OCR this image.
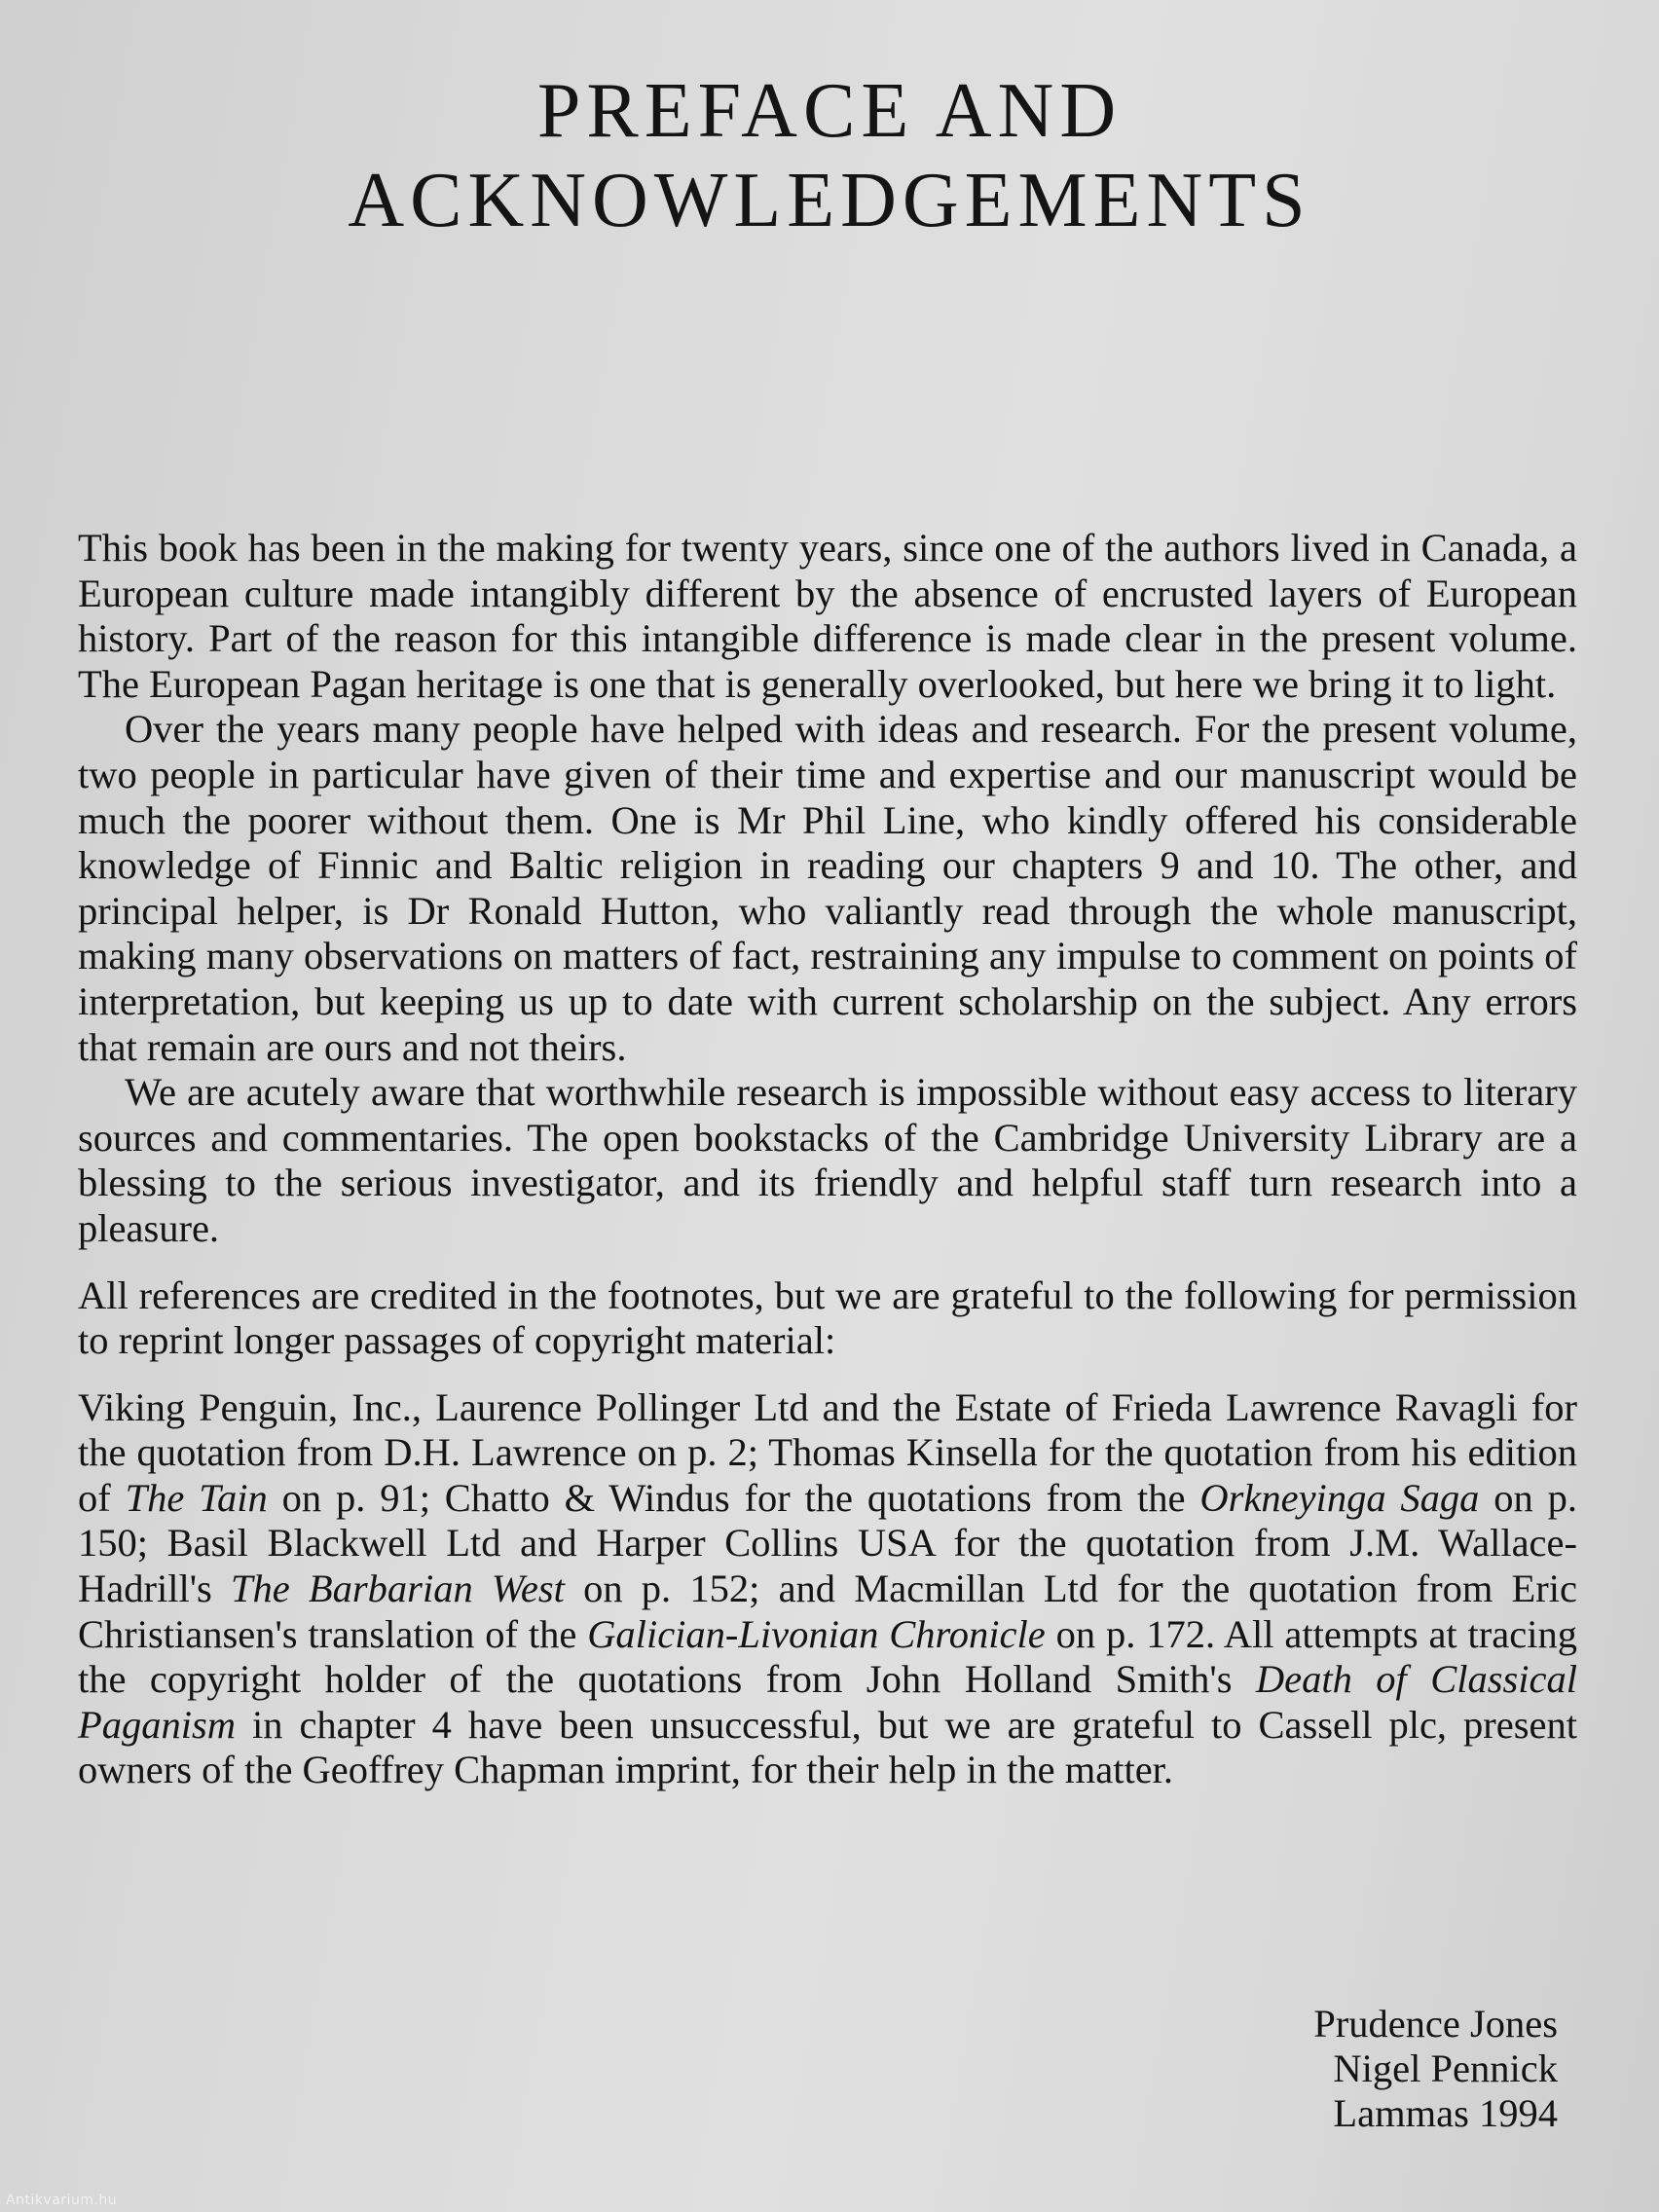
PREFACE AND
ACKNOWLEDGEMENTS

This book has been in the making for twenty years, since one of the authors lived in Canada, a European culture made intangibly different by the absence of encrusted layers of European history. Part of the reason for this intangible difference is made clear in the present volume. The European Pagan heritage is one that is generally overlooked, but here we bring it to light.

Over the years many people have helped with ideas and research. For the present volume, two people in particular have given of their time and expertise and our manuscript would be much the poorer without them. One is Mr Phil Line, who kindly offered his considerable knowledge of Finnic and Baltic religion in reading our chapters 9 and 10. The other, and principal helper, is Dr Ronald Hutton, who valiantly read through the whole manuscript, making many observations on matters of fact, restraining any impulse to comment on points of interpretation, but keeping us up to date with current scholarship on the subject. Any errors that remain are ours and not theirs.

We are acutely aware that worthwhile research is impossible without easy access to literary sources and commentaries. The open bookstacks of the Cambridge University Library are a blessing to the serious investigator, and its friendly and helpful staff turn research into a pleasure.

All references are credited in the footnotes, but we are grateful to the following for permission to reprint longer passages of copyright material:

Viking Penguin, Inc., Laurence Pollinger Ltd and the Estate of Frieda Lawrence Ravagli for the quotation from D.H. Lawrence on p. 2; Thomas Kinsella for the quotation from his edition of The Tain on p. 91; Chatto & Windus for the quotations from the Orkneyinga Saga on p. 150; Basil Blackwell Ltd and Harper Collins USA for the quotation from J.M. Wallace-Hadrill's The Barbarian West on p. 152; and Macmillan Ltd for the quotation from Eric Christiansen's translation of the Galician-Livonian Chronicle on p. 172. All attempts at tracing the copyright holder of the quotations from John Holland Smith's Death of Classical Paganism in chapter 4 have been unsuccessful, but we are grateful to Cassell plc, present owners of the Geoffrey Chapman imprint, for their help in the matter.

Prudence Jones
Nigel Pennick
Lammas 1994
Antikvarium.hu
